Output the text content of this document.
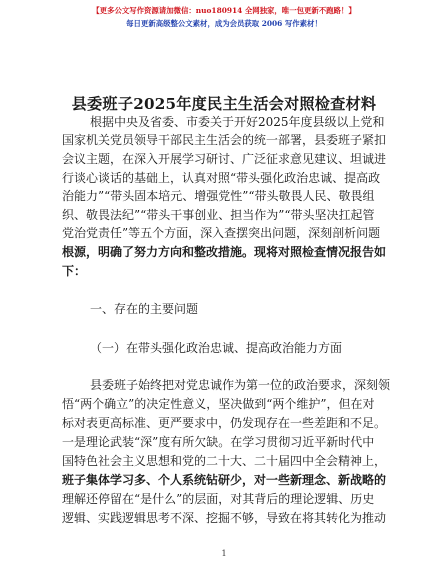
【更多公文写作资源请加微信：nuo180914 全网独家，唯一包更新不跑路！】
每日更新高级整公文素材，成为会员获取 2006 写作素材！
县委班子2025年度民主生活会对照检查材料
根据中央及省委、市委关于开好2025年度县级以上党和
国家机关党员领导干部民主生活会的统一部署，县委班子紧扣
会议主题，在深入开展学习研讨、广泛征求意见建议、坦诚进
行谈心谈话的基础上，认真对照“带头强化政治忠诚、提高政
治能力”“带头固本培元、增强党性”“带头敬畏人民、敬畏组
织、敬畏法纪”“带头干事创业、担当作为”“带头坚决扛起管
党治党责任”等五个方面，深入查摆突出问题，深刻剖析问题
根源，明确了努力方向和整改措施。现将对照检查情况报告如
下：
一、存在的主要问题
（一）在带头强化政治忠诚、提高政治能力方面
县委班子始终把对党忠诚作为第一位的政治要求，深刻领
悟“两个确立”的决定性意义，坚决做到“两个维护”，但在对
标对表更高标准、更严要求中，仍发现存在一些差距和不足。
一是理论武装“深”度有所欠缺。在学习贯彻习近平新时代中
国特色社会主义思想和党的二十大、二十届四中全会精神上，
班子集体学习多、个人系统钻研少，对一些新理念、新战略的
理解还停留在“是什么”的层面，对其背后的理论逻辑、历史
逻辑、实践逻辑思考不深、挖掘不够，导致在将其转化为推动
1
